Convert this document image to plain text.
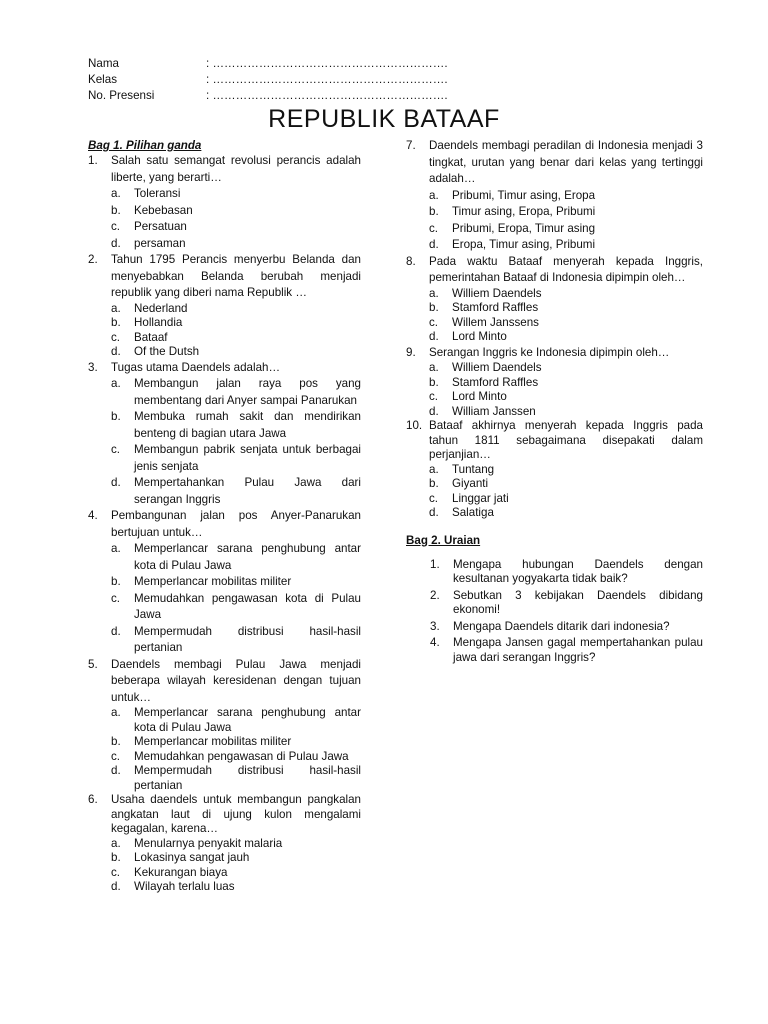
Nama	: …………………………………………………….
Kelas	: …………………………………………………….
No. Presensi	: …………………………………………………….
REPUBLIK BATAAF
Bag 1. Pilihan ganda
1.	Salah satu semangat revolusi perancis adalah liberte, yang berarti…
a.	Toleransi
b.	Kebebasan
c.	Persatuan
d.	persaman
2.	Tahun 1795 Perancis menyerbu Belanda dan menyebabkan Belanda berubah menjadi republik yang diberi nama Republik …
a.	Nederland
b.	Hollandia
c.	Bataaf
d.	Of the Dutsh
3.	Tugas utama Daendels adalah…
a.	Membangun jalan raya pos yang membentang dari Anyer sampai Panarukan
b.	Membuka rumah sakit dan mendirikan benteng di bagian utara Jawa
c.	Membangun pabrik senjata untuk berbagai jenis senjata
d.	Mempertahankan Pulau Jawa dari serangan Inggris
4.	Pembangunan jalan pos Anyer-Panarukan bertujuan untuk…
a.	Memperlancar sarana penghubung antar kota di Pulau Jawa
b.	Memperlancar mobilitas militer
c.	Memudahkan pengawasan kota di Pulau Jawa
d.	Mempermudah distribusi hasil-hasil pertanian
5.	Daendels membagi Pulau Jawa menjadi beberapa wilayah keresidenan dengan tujuan untuk…
a.	Memperlancar sarana penghubung antar kota di Pulau Jawa
b.	Memperlancar mobilitas militer
c.	Memudahkan pengawasan di Pulau Jawa
d.	Mempermudah distribusi hasil-hasil pertanian
6.	Usaha daendels untuk membangun pangkalan angkatan laut di ujung kulon mengalami kegagalan, karena…
a.	Menularnya penyakit malaria
b.	Lokasinya sangat jauh
c.	Kekurangan biaya
d.	Wilayah terlalu luas
7.	Daendels membagi peradilan di Indonesia menjadi 3 tingkat, urutan yang benar dari kelas yang tertinggi adalah…
a.	Pribumi, Timur asing, Eropa
b.	Timur asing, Eropa, Pribumi
c.	Pribumi, Eropa, Timur asing
d.	Eropa, Timur asing, Pribumi
8.	Pada waktu Bataaf menyerah kepada Inggris, pemerintahan Bataaf di Indonesia dipimpin oleh…
a.	Williem Daendels
b.	Stamford Raffles
c.	Willem Janssens
d.	Lord Minto
9.	Serangan Inggris ke Indonesia dipimpin oleh…
a.	Williem Daendels
b.	Stamford Raffles
c.	Lord Minto
d.	William Janssen
10. Bataaf akhirnya menyerah kepada Inggris pada tahun 1811 sebagaimana disepakati dalam perjanjian…
a.	Tuntang
b.	Giyanti
c.	Linggar jati
d.	Salatiga
Bag 2. Uraian
1.	Mengapa hubungan Daendels dengan kesultanan yogyakarta tidak baik?
2.	Sebutkan 3 kebijakan Daendels dibidang ekonomi!
3.	Mengapa Daendels ditarik dari indonesia?
4.	Mengapa Jansen gagal mempertahankan pulau jawa dari serangan Inggris?
